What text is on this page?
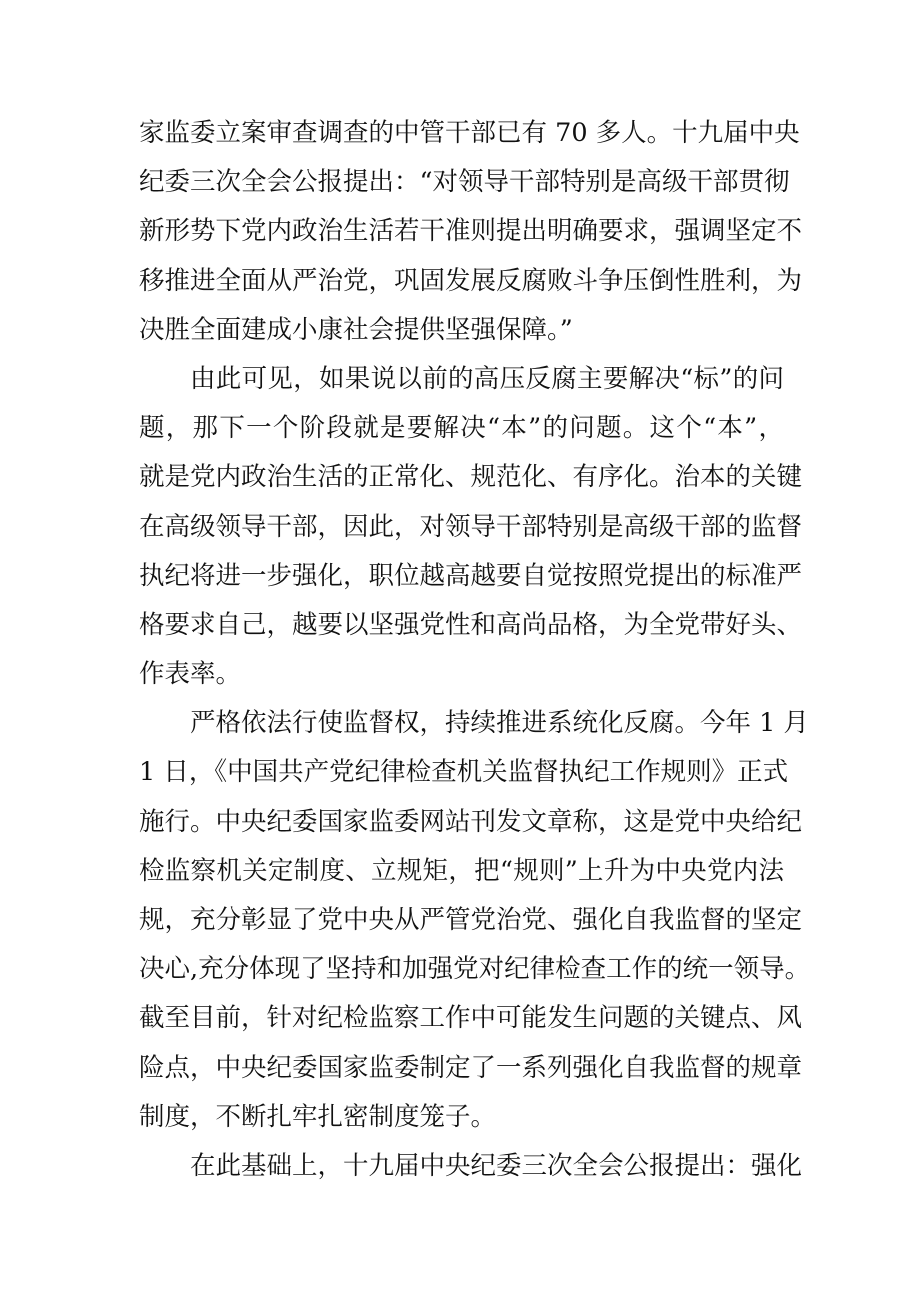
家监委立案审查调查的中管干部已有 70 多人。十九届中央
纪委三次全会公报提出：“对领导干部特别是高级干部贯彻
新形势下党内政治生活若干准则提出明确要求，强调坚定不
移推进全面从严治党，巩固发展反腐败斗争压倒性胜利，为
决胜全面建成小康社会提供坚强保障。”
由此可见，如果说以前的高压反腐主要解决“标”的问
题，那下一个阶段就是要解决“本”的问题。这个“本”，
就是党内政治生活的正常化、规范化、有序化。治本的关键
在高级领导干部，因此，对领导干部特别是高级干部的监督
执纪将进一步强化，职位越高越要自觉按照党提出的标准严
格要求自己，越要以坚强党性和高尚品格，为全党带好头、
作表率。
严格依法行使监督权，持续推进系统化反腐。今年 1 月
1 日，《中国共产党纪律检查机关监督执纪工作规则》正式
施行。中央纪委国家监委网站刊发文章称，这是党中央给纪
检监察机关定制度、立规矩，把“规则”上升为中央党内法
规，充分彰显了党中央从严管党治党、强化自我监督的坚定
决心,充分体现了坚持和加强党对纪律检查工作的统一领导。
截至目前，针对纪检监察工作中可能发生问题的关键点、风
险点，中央纪委国家监委制定了一系列强化自我监督的规章
制度，不断扎牢扎密制度笼子。
在此基础上，十九届中央纪委三次全会公报提出：强化
